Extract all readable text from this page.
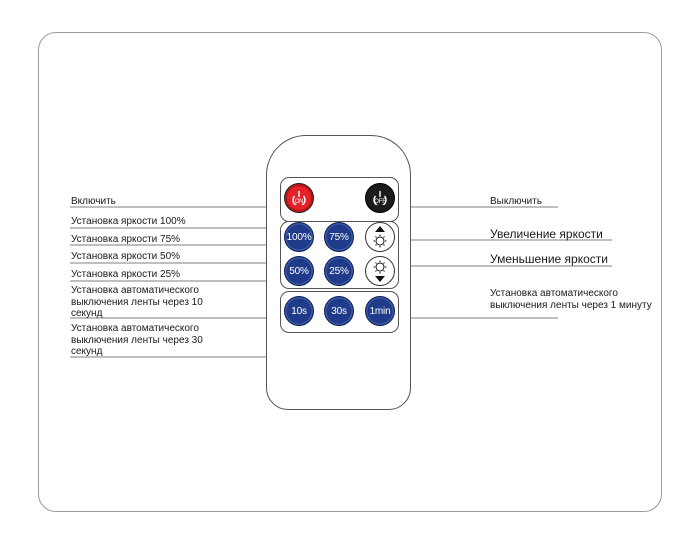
Включить
Установка яркости 100%
Установка яркости 75%
Установка яркости 50%
Установка яркости 25%
Установка автоматического выключения ленты через 10 секунд
Установка автоматического выключения ленты через 30 секунд
Выключить
Увеличение яркости
Уменьшение яркости
Установка автоматического выключения ленты через 1 минуту
ON	OFF
100% 75%
50% 25%
10s 30s 1min
